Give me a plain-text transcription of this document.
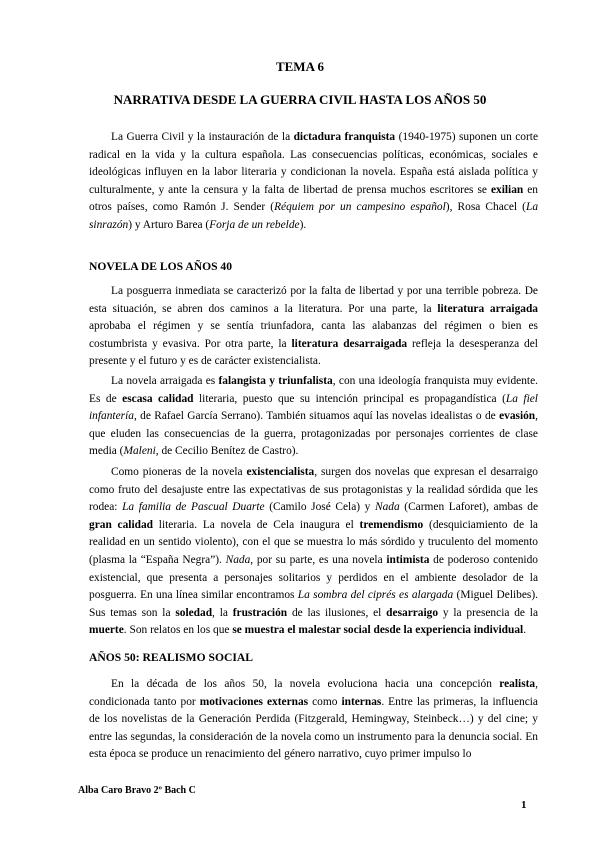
TEMA 6
NARRATIVA DESDE LA GUERRA CIVIL HASTA LOS AÑOS 50

La Guerra Civil y la instauración de la dictadura franquista (1940-1975) suponen un corte radical en la vida y la cultura española. Las consecuencias políticas, económicas, sociales e ideológicas influyen en la labor literaria y condicionan la novela. España está aislada política y culturalmente, y ante la censura y la falta de libertad de prensa muchos escritores se exilian en otros países, como Ramón J. Sender (Réquiem por un campesino español), Rosa Chacel (La sinrazón) y Arturo Barea (Forja de un rebelde).

NOVELA DE LOS AÑOS 40

La posguerra inmediata se caracterizó por la falta de libertad y por una terrible pobreza. De esta situación, se abren dos caminos a la literatura. Por una parte, la literatura arraigada aprobaba el régimen y se sentía triunfadora, canta las alabanzas del régimen o bien es costumbrista y evasiva. Por otra parte, la literatura desarraigada refleja la desesperanza del presente y el futuro y es de carácter existencialista.

La novela arraigada es falangista y triunfalista, con una ideología franquista muy evidente. Es de escasa calidad literaria, puesto que su intención principal es propagandística (La fiel infantería, de Rafael García Serrano). También situamos aquí las novelas idealistas o de evasión, que eluden las consecuencias de la guerra, protagonizadas por personajes corrientes de clase media (Maleni, de Cecilio Benítez de Castro).

Como pioneras de la novela existencialista, surgen dos novelas que expresan el desarraigo como fruto del desajuste entre las expectativas de sus protagonistas y la realidad sórdida que les rodea: La familia de Pascual Duarte (Camilo José Cela) y Nada (Carmen Laforet), ambas de gran calidad literaria. La novela de Cela inaugura el tremendismo (desquiciamiento de la realidad en un sentido violento), con el que se muestra lo más sórdido y truculento del momento (plasma la “España Negra”). Nada, por su parte, es una novela intimista de poderoso contenido existencial, que presenta a personajes solitarios y perdidos en el ambiente desolador de la posguerra. En una línea similar encontramos La sombra del ciprés es alargada (Miguel Delibes). Sus temas son la soledad, la frustración de las ilusiones, el desarraigo y la presencia de la muerte. Son relatos en los que se muestra el malestar social desde la experiencia individual.

AÑOS 50: REALISMO SOCIAL

En la década de los años 50, la novela evoluciona hacia una concepción realista, condicionada tanto por motivaciones externas como internas. Entre las primeras, la influencia de los novelistas de la Generación Perdida (Fitzgerald, Hemingway, Steinbeck…) y del cine; y entre las segundas, la consideración de la novela como un instrumento para la denuncia social. En esta época se produce un renacimiento del género narrativo, cuyo primer impulso lo

Alba Caro Bravo 2º Bach C
1
